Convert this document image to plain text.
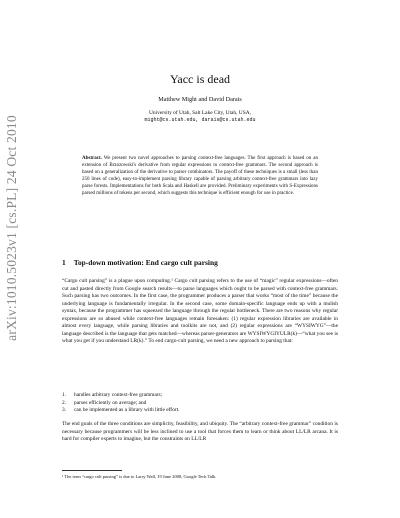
arXiv:1010.5023v1 [cs.PL] 24 Oct 2010
Yacc is dead
Matthew Might and David Darais
University of Utah, Salt Lake City, Utah, USA,
might@cs.utah.edu, darais@cs.utah.edu
Abstract. We present two novel approaches to parsing context-free languages. The first approach is based on an extension of Brzozowski's derivative from regular expressions to context-free grammars. The second approach is based on a generalization of the derivative to parser combinators. The payoff of these techniques is a small (less than 250 lines of code), easy-to-implement parsing library capable of parsing arbitrary context-free grammars into lazy parse forests. Implementations for both Scala and Haskell are provided. Preliminary experiments with S-Expressions parsed millions of tokens per second, which suggests this technique is efficient enough for use in practice.
1 Top-down motivation: End cargo cult parsing
“Cargo cult parsing” is a plague upon computing.¹ Cargo cult parsing refers to the use of “magic” regular expressions—often cut and pasted directly from Google search results—to parse languages which ought to be parsed with context-free grammars. Such parsing has two outcomes. In the first case, the programmer produces a parser that works “most of the time” because the underlying language is fundamentally irregular. In the second case, some domain-specific language ends up with a mulish syntax, because the programmer has squeezed the language through the regular bottleneck. There are two reasons why regular expressions are so abused while context-free languages remain foresaken: (1) regular expression libraries are available in almost every language, while parsing libraries and toolkits are not, and (2) regular expressions are “WYSIWYG”—the language described is the language that gets matched—whereas parser-generators are WYSIWYGIYULR(k)—“what you see is what you get if you understand LR(k).” To end cargo-cult parsing, we need a new approach to parsing that:
1. handles arbitrary context-free grammars;
2. parses efficiently on average; and
3. can be implemented as a library with little effort.
The end goals of the three conditions are simplicity, feasibility, and ubiquity. The “arbitrary context-free grammar” condition is necessary because programmers will be less inclined to use a tool that forces them to learn or think about LL/LR arcana. It is hard for compiler experts to imagine, but the constraints on LL/LR
¹ The term “cargo cult parsing” is due to Larry Wall, 19 June 2008, Google Tech Talk.
